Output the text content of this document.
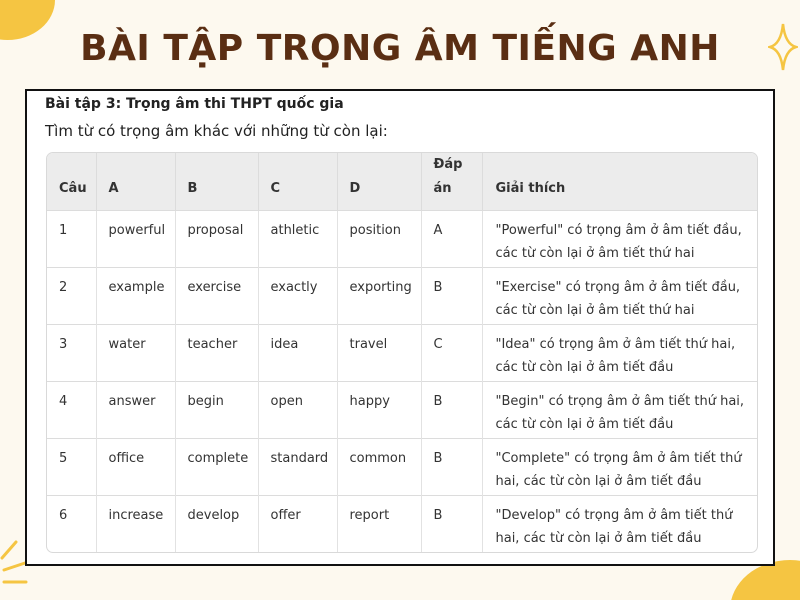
BÀI TẬP TRỌNG ÂM TIẾNG ANH
Bài tập 3: Trọng âm thi THPT quốc gia
Tìm từ có trọng âm khác với những từ còn lại:
Câu	A	B	C	D	Đáp án	Giải thích
1	powerful	proposal	athletic	position	A	"Powerful" có trọng âm ở âm tiết đầu, các từ còn lại ở âm tiết thứ hai
2	example	exercise	exactly	exporting	B	"Exercise" có trọng âm ở âm tiết đầu, các từ còn lại ở âm tiết thứ hai
3	water	teacher	idea	travel	C	"Idea" có trọng âm ở âm tiết thứ hai, các từ còn lại ở âm tiết đầu
4	answer	begin	open	happy	B	"Begin" có trọng âm ở âm tiết thứ hai, các từ còn lại ở âm tiết đầu
5	office	complete	standard	common	B	"Complete" có trọng âm ở âm tiết thứ hai, các từ còn lại ở âm tiết đầu
6	increase	develop	offer	report	B	"Develop" có trọng âm ở âm tiết thứ hai, các từ còn lại ở âm tiết đầu
